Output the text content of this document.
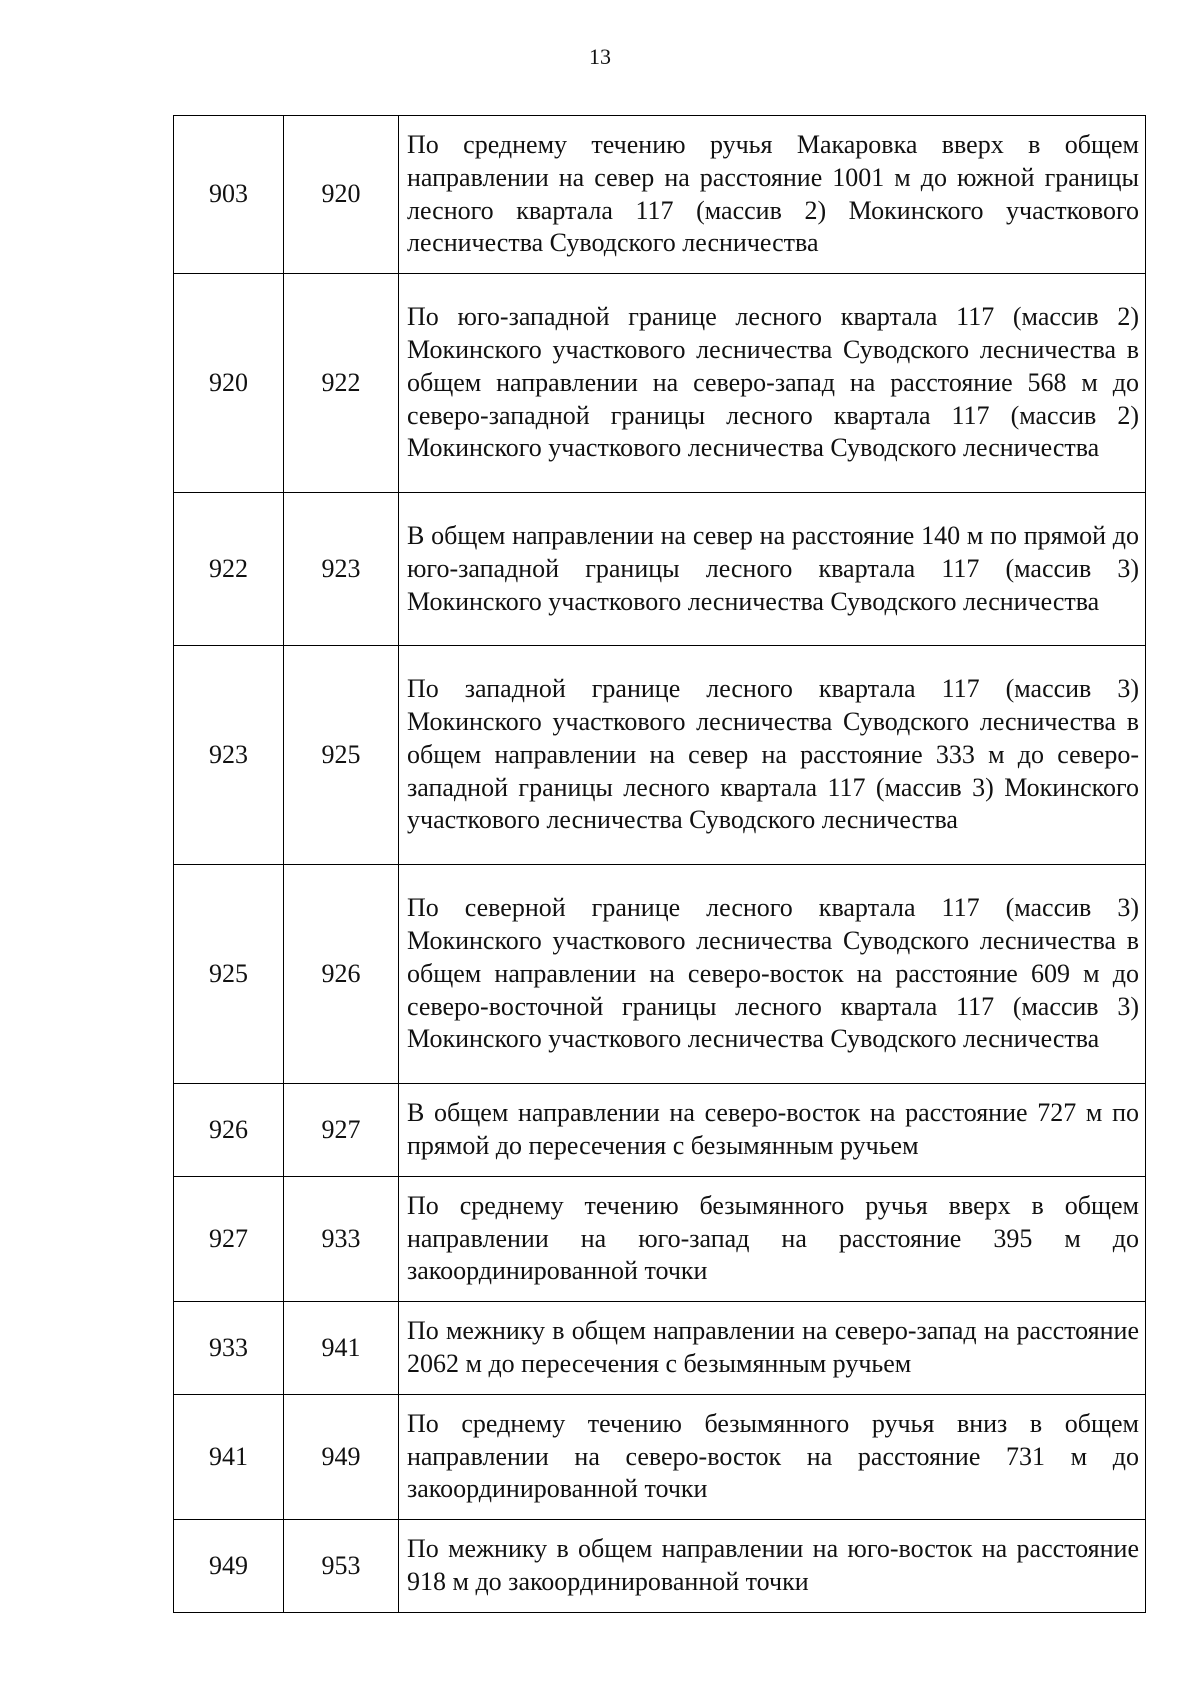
13
903	920	По среднему течению ручья Макаровка вверх в общем направлении на север на расстояние 1001 м до южной границы лесного квартала 117 (массив 2) Мокинского участкового лесничества Суводского лесничества
920	922	По юго-западной границе лесного квартала 117 (массив 2) Мокинского участкового лесничества Суводского лесничества в общем направлении на северо-запад на расстояние 568 м до северо-западной границы лесного квартала 117 (массив 2) Мокинского участкового лесничества Суводского лесничества
922	923	В общем направлении на север на расстояние 140 м по прямой до юго-западной границы лесного квартала 117 (массив 3) Мокинского участкового лесничества Суводского лесничества
923	925	По западной границе лесного квартала 117 (массив 3) Мокинского участкового лесничества Суводского лесничества в общем направлении на север на расстояние 333 м до северо-западной границы лесного квартала 117 (массив 3) Мокинского участкового лесничества Суводского лесничества
925	926	По северной границе лесного квартала 117 (массив 3) Мокинского участкового лесничества Суводского лесничества в общем направлении на северо-восток на расстояние 609 м до северо-восточной границы лесного квартала 117 (массив 3) Мокинского участкового лесничества Суводского лесничества
926	927	В общем направлении на северо-восток на расстояние 727 м по прямой до пересечения с безымянным ручьем
927	933	По среднему течению безымянного ручья вверх в общем направлении на юго-запад на расстояние 395 м до закоординированной точки
933	941	По межнику в общем направлении на северо-запад на расстояние 2062 м до пересечения с безымянным ручьем
941	949	По среднему течению безымянного ручья вниз в общем направлении на северо-восток на расстояние 731 м до закоординированной точки
949	953	По межнику в общем направлении на юго-восток на расстояние 918 м до закоординированной точки
